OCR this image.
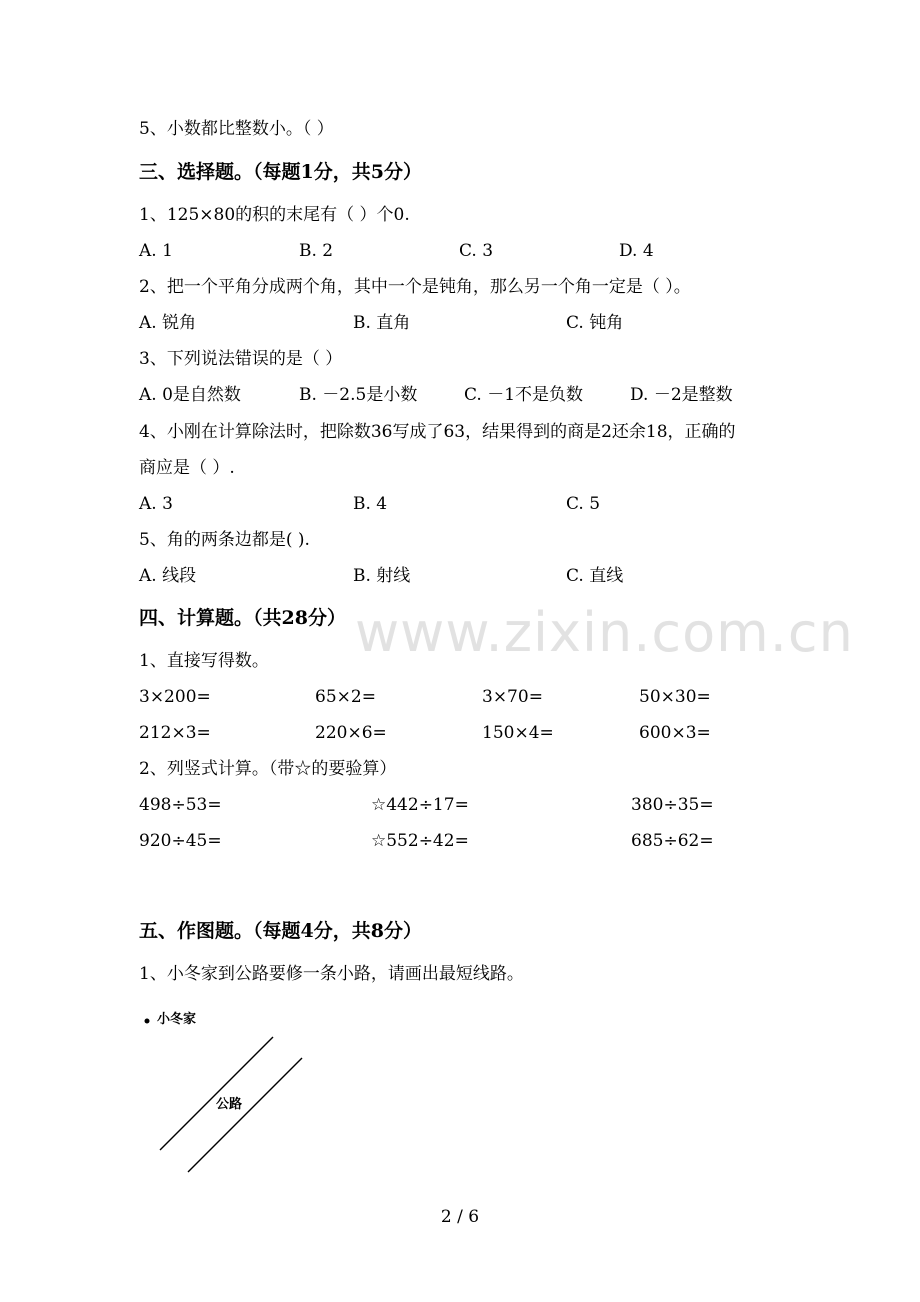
www.zixin.com.cn
5、小数都比整数小。（ ）
三、选择题。（每题1分，共5分）
1、125×80的积的末尾有（ ）个0.
A. 1	B. 2	C. 3	D. 4
2、把一个平角分成两个角，其中一个是钝角，那么另一个角一定是（ ）。
A. 锐角	B. 直角	C. 钝角
3、下列说法错误的是（ ）
A. 0是自然数	B. －2.5是小数	C. －1不是负数	D. －2是整数
4、小刚在计算除法时，把除数36写成了63，结果得到的商是2还余18，正确的
商应是（ ）.
A. 3	B. 4	C. 5
5、角的两条边都是( ).
A. 线段	B. 射线	C. 直线
四、计算题。（共28分）
1、直接写得数。
3×200=	65×2=	3×70=	50×30=
212×3=	220×6=	150×4=	600×3=
2、列竖式计算。（带☆的要验算）
498÷53=	☆442÷17=	380÷35=
920÷45=	☆552÷42=	685÷62=
五、作图题。（每题4分，共8分）
1、小冬家到公路要修一条小路，请画出最短线路。
小冬家
公路
2 / 6
